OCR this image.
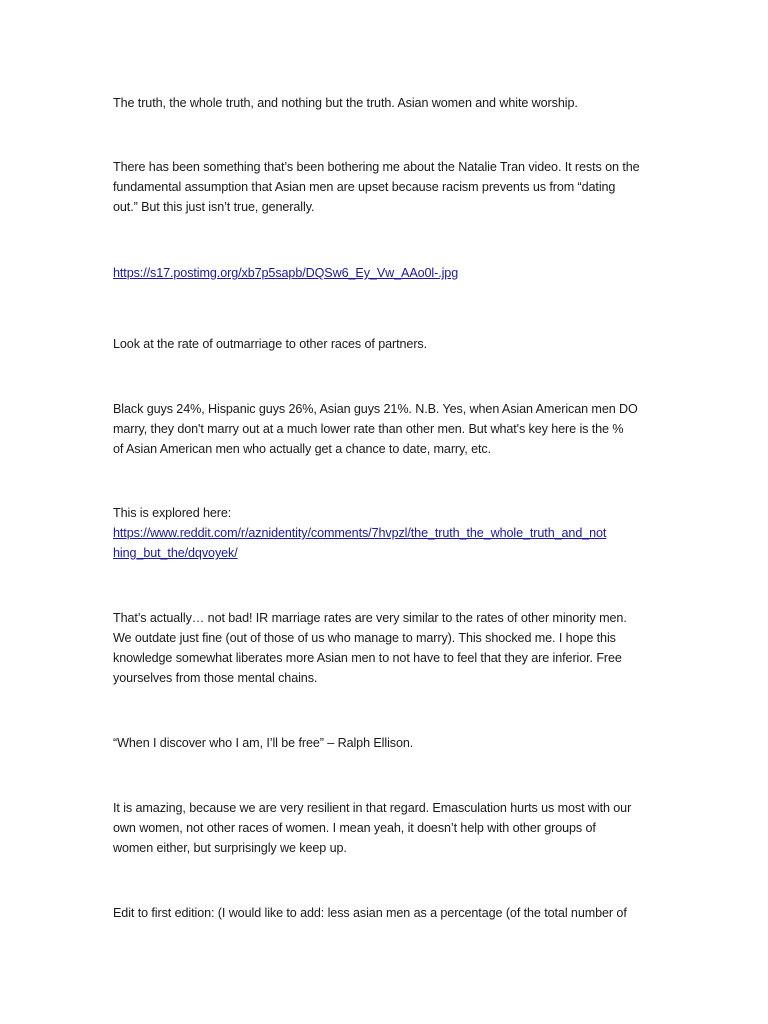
The truth, the whole truth, and nothing but the truth. Asian women and white worship.

There has been something that’s been bothering me about the Natalie Tran video. It rests on the
fundamental assumption that Asian men are upset because racism prevents us from “dating
out.” But this just isn’t true, generally.

https://s17.postimg.org/xb7p5sapb/DQSw6_Ey_Vw_AAo0l-.jpg

Look at the rate of outmarriage to other races of partners.

Black guys 24%, Hispanic guys 26%, Asian guys 21%. N.B. Yes, when Asian American men DO
marry, they don't marry out at a much lower rate than other men. But what's key here is the %
of Asian American men who actually get a chance to date, marry, etc.

This is explored here:
https://www.reddit.com/r/aznidentity/comments/7hvpzl/the_truth_the_whole_truth_and_not
hing_but_the/dqvoyek/

That’s actually… not bad! IR marriage rates are very similar to the rates of other minority men.
We outdate just fine (out of those of us who manage to marry). This shocked me. I hope this
knowledge somewhat liberates more Asian men to not have to feel that they are inferior. Free
yourselves from those mental chains.

“When I discover who I am, I’ll be free” – Ralph Ellison.

It is amazing, because we are very resilient in that regard. Emasculation hurts us most with our
own women, not other races of women. I mean yeah, it doesn’t help with other groups of
women either, but surprisingly we keep up.

Edit to first edition: (I would like to add: less asian men as a percentage (of the total number of
